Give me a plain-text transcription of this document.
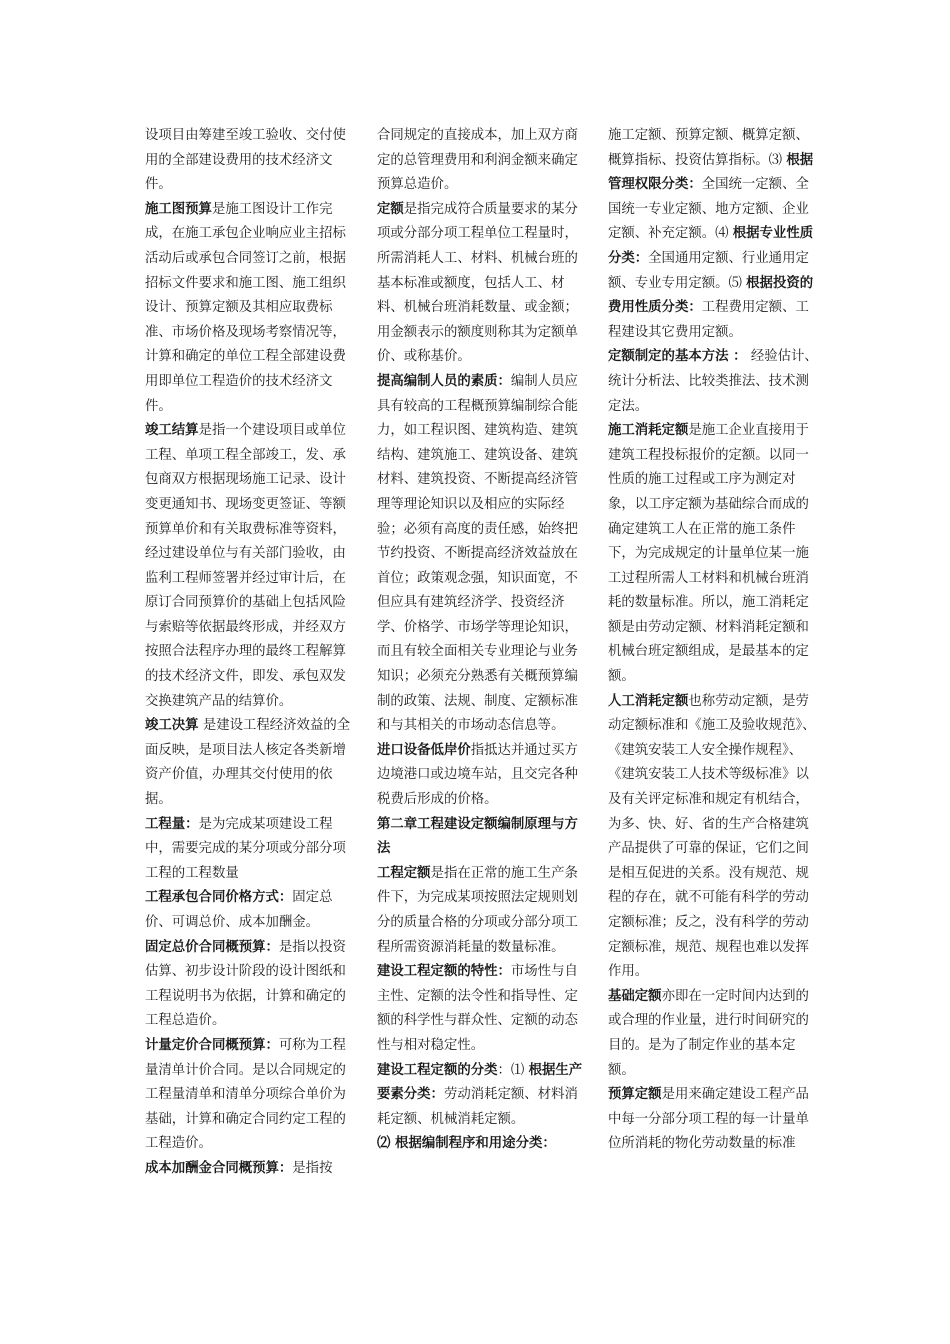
设项目由筹建至竣工验收、交付使用的全部建设费用的技术经济文件。

施工图预算是施工图设计工作完成，在施工承包企业响应业主招标活动后或承包合同签订之前，根据招标文件要求和施工图、施工组织设计、预算定额及其相应取费标准、市场价格及现场考察情况等，计算和确定的单位工程全部建设费用即单位工程造价的技术经济文件。

竣工结算是指一个建设项目或单位工程、单项工程全部竣工，发、承包商双方根据现场施工记录、设计变更通知书、现场变更签证、等额预算单价和有关取费标准等资料，经过建设单位与有关部门验收，由监利工程师签署并经过审计后，在原订合同预算价的基础上包括风险与索赔等依据最终形成，并经双方按照合法程序办理的最终工程解算的技术经济文件，即发、承包双发交换建筑产品的结算价。

竣工决算 是建设工程经济效益的全面反映，是项目法人核定各类新增资产价值，办理其交付使用的依据。

工程量：是为完成某项建设工程中，需要完成的某分项或分部分项工程的工程数量

工程承包合同价格方式：固定总价、可调总价、成本加酬金。

固定总价合同概预算：是指以投资估算、初步设计阶段的设计图纸和工程说明书为依据，计算和确定的工程总造价。

计量定价合同概预算：可称为工程量清单计价合同。是以合同规定的工程量清单和清单分项综合单价为基础，计算和确定合同约定工程的工程造价。

成本加酬金合同概预算：是指按

合同规定的直接成本，加上双方商定的总管理费用和利润金额来确定预算总造价。

定额是指完成符合质量要求的某分项或分部分项工程单位工程量时，所需消耗人工、材料、机械台班的基本标准或额度，包括人工、材料、机械台班消耗数量、或金额； 用金额表示的额度则称其为定额单价、或称基价。

提高编制人员的素质：编制人员应具有较高的工程概预算编制综合能力，如工程识图、建筑构造、建筑结构、建筑施工、建筑设备、建筑材料、建筑投资、不断提高经济管理等理论知识以及相应的实际经验；必须有高度的责任感，始终把节约投资、不断提高经济效益放在首位；政策观念强，知识面宽，不但应具有建筑经济学、投资经济学、价格学、市场学等理论知识，而且有较全面相关专业理论与业务知识；必须充分熟悉有关概预算编制的政策、法规、制度、定额标准和与其相关的市场动态信息等。

进口设备低岸价指抵达并通过买方边境港口或边境车站，且交完各种税费后形成的价格。

第二章工程建设定额编制原理与方法

工程定额是指在正常的施工生产条件下，为完成某项按照法定规则划分的质量合格的分项或分部分项工程所需资源消耗量的数量标准。

建设工程定额的特性：市场性与自主性、定额的法令性和指导性、定额的科学性与群众性、定额的动态性与相对稳定性。

建设工程定额的分类：⑴ 根据生产要素分类：劳动消耗定额、材料消耗定额、机械消耗定额。

⑵ 根据编制程序和用途分类：

施工定额、预算定额、概算定额、概算指标、投资估算指标。⑶ 根据管理权限分类：全国统一定额、全国统一专业定额、地方定额、企业定额、补充定额。⑷ 根据专业性质分类：全国通用定额、行业通用定额、专业专用定额。⑸ 根据投资的费用性质分类：工程费用定额、工程建设其它费用定额。

定额制定的基本方法 ： 经验估计、统计分析法、比较类推法、技术测定法。

施工消耗定额是施工企业直接用于建筑工程投标报价的定额。以同一性质的施工过程或工序为测定对象，以工序定额为基础综合而成的确定建筑工人在正常的施工条件下，为完成规定的计量单位某一施工过程所需人工材料和机械台班消耗的数量标准。所以，施工消耗定额是由劳动定额、材料消耗定额和机械台班定额组成，是最基本的定额。

人工消耗定额也称劳动定额，是劳动定额标准和《施工及验收规范》、《建筑安装工人安全操作规程》、《建筑安装工人技术等级标准》以及有关评定标准和规定有机结合，为多、快、好、省的生产合格建筑产品提供了可靠的保证，它们之间是相互促进的关系。没有规范、规程的存在，就不可能有科学的劳动定额标准；反之，没有科学的劳动定额标准，规范、规程也难以发挥作用。

基础定额亦即在一定时间内达到的或合理的作业量，进行时间研究的目的。是为了制定作业的基本定额。

预算定额是用来确定建设工程产品中每一分部分项工程的每一计量单位所消耗的物化劳动数量的标准
